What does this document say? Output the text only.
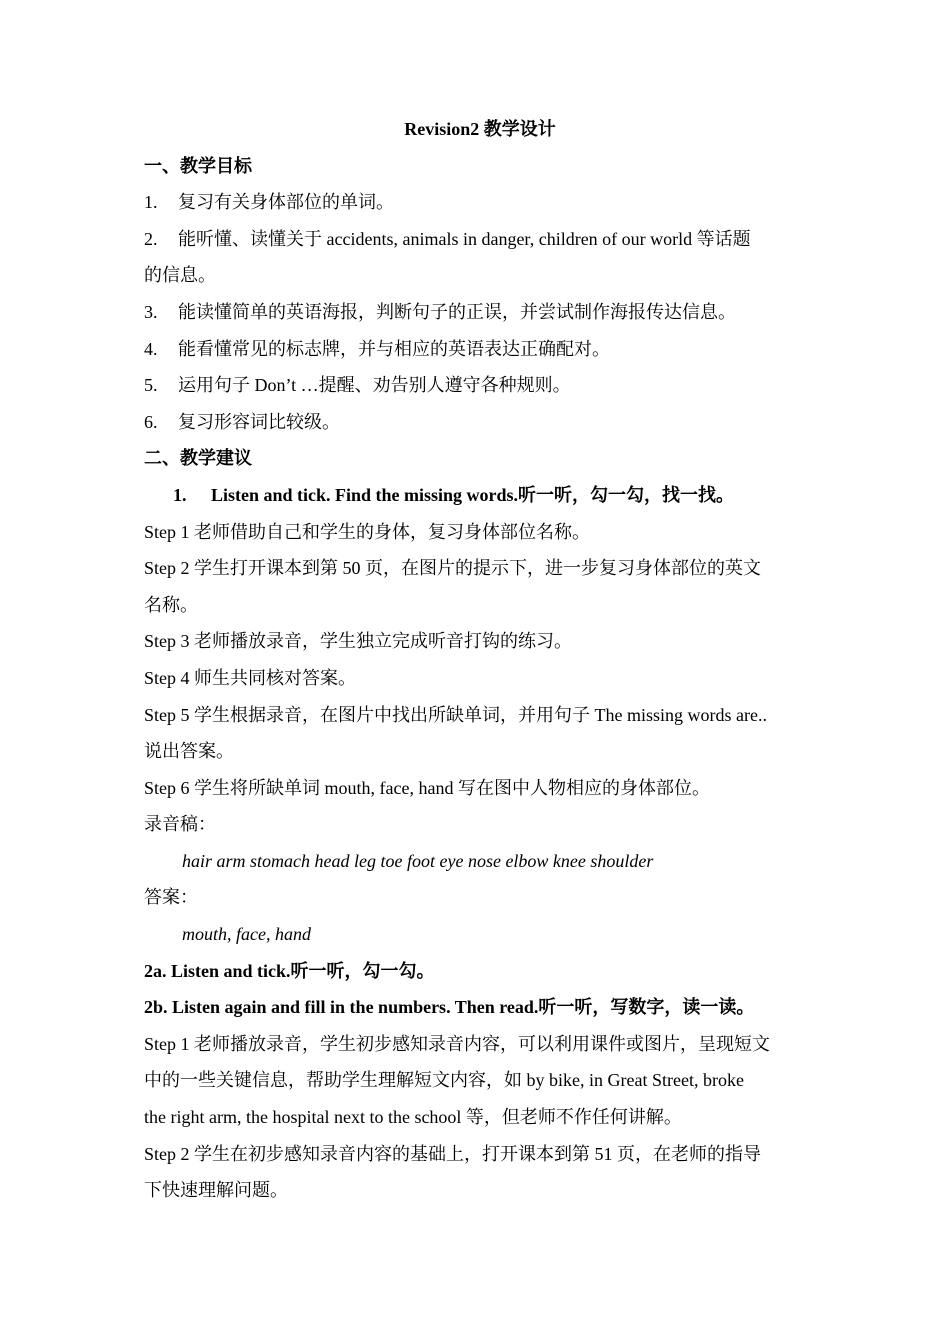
Revision2 教学设计
一、教学目标
1. 复习有关身体部位的单词。
2. 能听懂、读懂关于 accidents, animals in danger, children of our world 等话题
的信息。
3. 能读懂简单的英语海报，判断句子的正误，并尝试制作海报传达信息。
4. 能看懂常见的标志牌，并与相应的英语表达正确配对。
5. 运用句子 Don’t …提醒、劝告别人遵守各种规则。
6. 复习形容词比较级。
二、教学建议
1. Listen and tick. Find the missing words.听一听，勾一勾，找一找。
Step 1 老师借助自己和学生的身体，复习身体部位名称。
Step 2 学生打开课本到第 50 页，在图片的提示下，进一步复习身体部位的英文
名称。
Step 3 老师播放录音，学生独立完成听音打钩的练习。
Step 4 师生共同核对答案。
Step 5 学生根据录音，在图片中找出所缺单词，并用句子 The missing words are..
说出答案。
Step 6 学生将所缺单词 mouth, face, hand 写在图中人物相应的身体部位。
录音稿：
hair arm stomach head leg toe foot eye nose elbow knee shoulder
答案：
mouth, face, hand
2a. Listen and tick.听一听，勾一勾。
2b. Listen again and fill in the numbers. Then read.听一听，写数字，读一读。
Step 1 老师播放录音，学生初步感知录音内容，可以利用课件或图片，呈现短文
中的一些关键信息，帮助学生理解短文内容，如 by bike, in Great Street, broke
the right arm, the hospital next to the school 等，但老师不作任何讲解。
Step 2 学生在初步感知录音内容的基础上，打开课本到第 51 页，在老师的指导
下快速理解问题。
